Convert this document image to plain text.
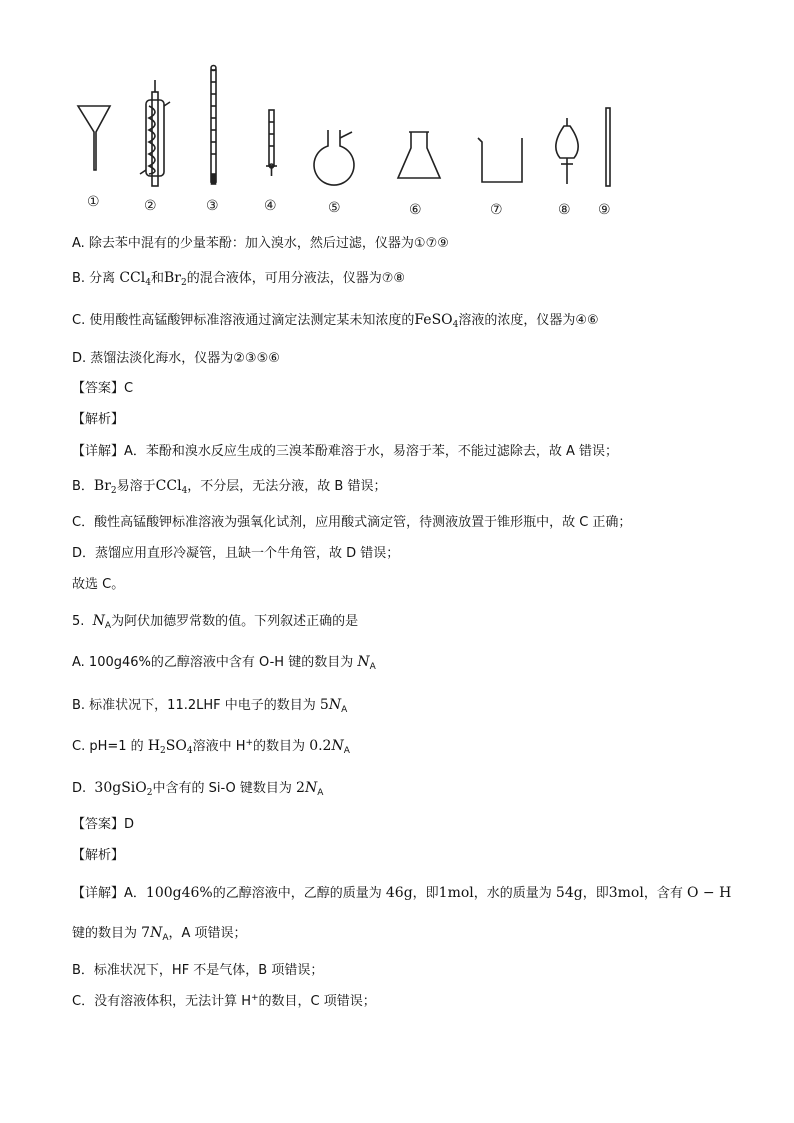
①	②	③	④	⑤	⑥	⑦	⑧ ⑨
A. 除去苯中混有的少量苯酚：加入溴水，然后过滤，仪器为①⑦⑨
B. 分离 CCl$_4$和$Br_2$的混合液体，可用分液法，仪器为⑦⑧
C. 使用酸性高锰酸钾标准溶液通过滴定法测定某未知浓度的FeSO$_4$溶液的浓度，仪器为④⑥
D. 蒸馏法淡化海水，仪器为②③⑤⑥
【答案】C
【解析】
【详解】A．苯酚和溴水反应生成的三溴苯酚难溶于水，易溶于苯，不能过滤除去，故 A 错误；
B．$Br_2$易溶于CCl$_4$，不分层，无法分液，故 B 错误；
C．酸性高锰酸钾标准溶液为强氧化试剂，应用酸式滴定管，待测液放置于锥形瓶中，故 C 正确；
D．蒸馏应用直形冷凝管，且缺一个牛角管，故 D 错误；
故选 C。
5. $N_A$为阿伏加德罗常数的值。下列叙述正确的是
A. 100g46%的乙醇溶液中含有 O-H 键的数目为 $N_A$
B. 标准状况下，11.2LHF 中电子的数目为 $5N_A$
C. pH=1 的 $H_2SO_4$溶液中 H+的数目为 $0.2N_A$
D. 30gSiO$_2$中含有的 Si-O 键数目为 $2N_A$
【答案】D
【解析】
【详解】A．100g46%的乙醇溶液中，乙醇的质量为 46g，即1mol，水的质量为 54g，即3mol，含有 O − H
键的数目为 $7N_A$，A 项错误；
B．标准状况下，HF 不是气体，B 项错误；
C．没有溶液体积，无法计算 H+的数目，C 项错误；
